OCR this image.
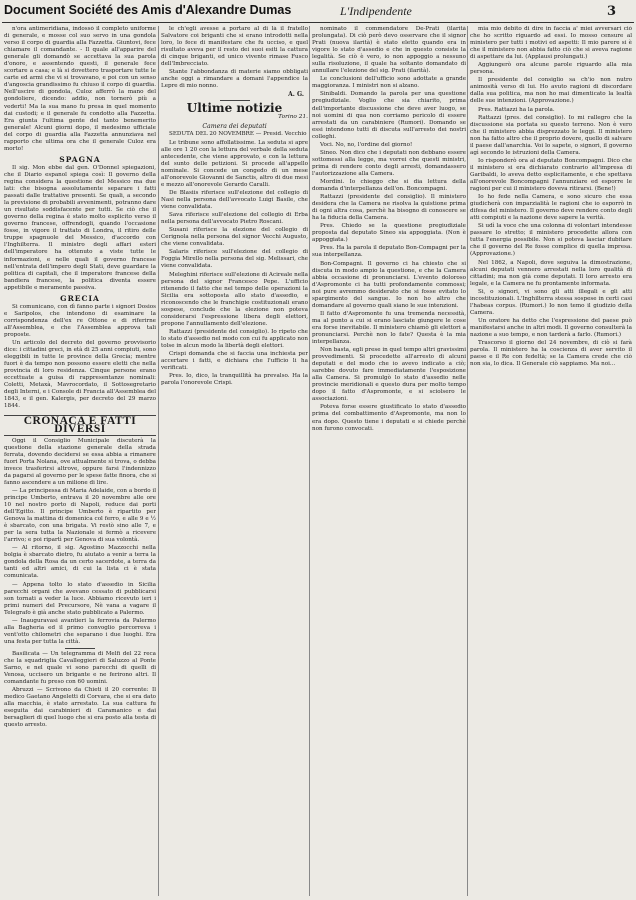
Document Société des Amis d'Alexandre Dumas	L'Indipendente	3

n'ora antimeridiana, indossò il completo uniforme di generale, e mosse col suo servo in una gondola verso il corpo di guardia alla Fazzetta. Giuntovi, fece chiamare il comandante. - Il quale all'apparire del generale gli domandò se accettava la sua parola d'onore, e assentendo questi, il generale fece scortare a casa; e là si dovettero trasportare tutte le carte ed armi che vi si trovavano, e poi con un senso d'angoscia grandissimo fu chiuso il corpo di guardia. Nell'uscire di gondola, Culoz afferrò la mano del gondoliere, dicendo: addio, non tornerò più a vederti! Ma la sua mano fu presa in quel momento dai custodi; e il generale fu condotto alla Fazzetta. Era giunta l'ultima gente del tanto benemerito generale! Alcuni giorni dopo, il medesimo ufficiale del corpo di guardia alla Fazzetta annunziava nel rapporto che ultima ora che il generale Culoz era morto!

SPAGNA

Il sig. Mon ebbe dal gen. O'Donnel spiegazioni, che il Diario espanol spiega così: Il governo della regina considera la questione del Messico ma due lati: che bisogna assolutamente separare i fatti passati dalle trattative presenti. Se quali, a secondo la previsione di probabili avvenimenti, potranno dare un risultato soddisfacente per tutti. Se ciò che il governo della regina è stato molto esplicito verso il governo francese, offrendogli, quando l'occasione fosse, in vigore il trattato di Londra, il ritiro delle truppe spagnuole del Messico, d'accordo con l'Inghilterra. Il ministro degli affari esteri dell'imperatore ha ottenuto a viste tutte le informazioni, e nelle quali il governo francese nell'entrata dell'impero degli Stati, deve guardare la politica di capitali, che il imperatore francese della bandiera francese, la politica diventa essere appetibile e meramente passiva.

GRECIA

Si comunicano, con dì fanno parte i signori Dosios e Saripolos, che intendono di esaminare la corrispondenza dell'ex re Ottone e di riferirne all'Assemblea, e che l'Assemblea approva tali proposte.

Un articolo del decreto del governo provvisorio dice: i cittadini greci, in età di 25 anni compiuti, sono eleggibili in tutte le province della Grecia; mentre fuori è da tempo non possono essere eletti che nella provincia di loro residenza. Cinque persone erano eccettuate a guisa di rappresentanze nominali: Coletti, Metaxà, Mavrocordato, il Sottosegretario degli Interni, e i Console di Francia all'Assemblea del 1843, e il gen. Kalergis, per decreto del 29 marzo 1844.

CRONACA E FATTI DIVERSI

Oggi il Consiglio Municipale discuterà la questione della stazione generale della strada ferrata, dovendo decidersi se essa abbia a rimanere fuori Porta Nolana, ove attualmente si trova, o debba invece trasferirsi altrove, oppure farsi l'indennizzo da pagarsi al governo per le spese fatte finora, che si fanno ascendere a un milione di lire.

— La principessa di Maria Adelaide, con a bordo il principe Umberto, entrava il 20 novembre alle ore 10 nel nostro porto di Napoli, reduce dai porti dell'Egitto. Il principe Umberto è ripartito per Genova la mattina di domenica col ferro, e alle 9 e ½ è sbarcato, con una brigata. Vi restò sino alle 7, e per la sera tutta la Nazionale si fermò a ricevere l'arrivo; e poi ripartì per Genova di sua volontà.

— Al ritorno, il sig. Agostino Mazzocchi nella bolgia è sbarcato dietro, fu aiutato a venir a terra la gondola della Rosa da un certo sacerdote, a terra da tanti ed altri amici, di cui la lista ci è stata comunicata.

— Appena tolto lo stato d'assedio in Sicilia parecchi organi che avevano cessato di pubblicarsi son tornati a veder la luce. Abbiamo ricevuto ieri i primi numeri del Precursore, Nè vana a vagare il Telegrafo è già anche stato pubblicato a Palermo.

— Inauguravasi avantieri la ferrovia da Palermo alla Bagheria ed il primo convoglio percorreva i vent'otto chilometri che separano i due luoghi. Era una festa per tutta la città.

Basilicata — Un telegramma di Melfi del 22 reca che la squadriglia Cavalleggieri di Saluzzo al Ponte Sarno, e nel quale vi sono parecchi di quelli di Venosa, uccisero un brigante e ne ferirono altri. Il comandante fu preso con 60 uomini.

Abruzzi — Scrivono da Chieti il 20 corrente: Il medico Gaetano Angeletti di Corvara, che si era dato alla macchia, è stato arrestato. La sua cattura fu eseguita dai carabinieri di Caramanico e dai bersaglieri di quel luogo che si era posto alla testa di questo arresto.

le ch'egli avesse a portare al di là il fratello Salvatore coi briganti che si erano introdotti nella loro, lo fece di manifestare che fu ucciso, e quel risultato aveva per il resto dei suoi esiti la cattura di cinque briganti, ed unico vivente rimase Fusco dell'Imbrecciato.

Stante l'abbondanza di materie siamo obbligati anche oggi a rimandare a domani l'appendice la Lepre di mio nonno.

A. G.
Ultime notizie
Torino 21.
Camera dei deputati
SEDUTA DEL 20 NOVEMBRE — Presid. Vecchio

Le tribune sono affollatissime. La seduta si apre alle ore 1 20 con la lettura del verbale della seduta antecedente, che viene approvato, e con la lettura del sunto delle petizioni. Si procede all'appello nominale. Si concede un congedo di un mese all'onorevole Giovanni de Sanctis, altro di due mesi e mezzo all'onorevole Gerardo Caralli.

De Blasiis riferisce sull'elezione del collegio di Nasi nella persona dell'avvocato Luigi Basile, che viene convalidata.

Sava riferisce sull'elezione del collegio di Erba nella persona dell'avvocato Pietro Roscani.

Susani riferisce la elezione del collegio di Cerignola nella persona del signor Vecchi Augusto, che viene convalidata.

Salaris riferisce sull'elezione del collegio di Foggia Mirello nella persona del sig. Melissari, che viene convalidata.

Meleghini riferisce sull'elezione di Acireale nella persona del signor Francesco Pepe. L'ufficio ritenendo il fatto che nel tempo delle operazioni la Sicilia era sottoposta allo stato d'assedio, e riconoscendo che le franchigie costituzionali erano sospese, conclude che la elezione non poteva considerarsi l'espressione libera degli elettori, propone l'annullamento dell'elezione.

Rattazzi (presidente del consiglio). Io ripeto che lo stato d'assedio nel modo con cui fu applicato non tolse in alcun modo la libertà degli elettori.

Crispi domanda che si faccia una inchiesta per accertare i fatti, e dichiara che l'ufficio li ha verificati.

Pres. Io, dico, la tranquillità ha prevalso. Ha la parola l'onorevole Crispi.

nominato il commendatore De-Prati (ilarità prolungata). Di ciò però devo osservare che il signor Prati (nuova ilarità) è stato eletto quando era in vigore lo stato d'assedio e che in questo consiste la legalità. Se ciò è vero, io non appoggio a nessuno sulla risoluzione, il quale ha soltanto domandato di annullare l'elezione del sig. Prati (ilarità).

Le conclusioni dell'ufficio sono adottate a grande maggioranza. I ministri non si alzano.

Sinibaldi. Domando la parola per una questione pregiudiziale. Voglio che sia chiarito, prima dell'importante discussione che deve aver luogo, se noi uomini di qua non corriamo pericolo di essere arrestati da un carabiniere (Rumori). Domando se essi intendono tutti di discuta sull'arresto dei nostri colleghi.

Voci. No, no, l'ordine del giorno!

Sineo. Non dico che i deputati non debbano essere sottomessi alla legge, ma vorrei che questi ministri, prima di rendere conto degli arresti, domandassero l'autorizzazione alla Camera.

Mordini. Io chieggo che si dia lettura della domanda d'interpellanza dell'on. Boncompagni.

Rattazzi (presidente del consiglio). Il ministero desidera che la Camera ne risolva la quistione prima di ogni altra cosa, perchè ha bisogno di conoscere se ha la fiducia della Camera.

Pres. Chiedo se la questione pregiudiziale proposta dal deputato Sineo sia appoggiata. (Non è appoggiata.)

Pres. Ha la parola il deputato Bon-Compagni per la sua interpellanza.

Bon-Compagni. Il governo ci ha chiesto che si discuta in modo ampio la questione, e che la Camera abbia occasione di pronunciarsi. L'evento doloroso d'Aspromonte ci ha tutti profondamente commossi; noi pure avremmo desiderato che si fosse evitato lo spargimento del sangue. Io non ho altro che domandare al governo quali siano le sue intenzioni.

Il fatto d'Aspromonte fu una tremenda necessità, ma al punto a cui si erano lasciate giungere le cose era forse inevitabile. Il ministero chiamò gli elettori a pronunciarsi. Perchè non lo fate? Questa è la mia interpellanza.

Non basta, egli prese in quel tempo altri gravissimi provvedimenti. Si procedette all'arresto di alcuni deputati e del modo che io avevo indicato a ciò; sarebbe dovuto fare immediatamente l'esposizione alla Camera. Si promulgò lo stato d'assedio nelle provincie meridionali e questo dura per molto tempo dopo il fatto d'Aspromonte, e si sciolsero le associazioni.

Poteva forse essere giustificato lo stato d'assedio prima del combattimento d'Aspromonte, ma non lo era dopo. Questo tiene i deputati e si chiede perchè non furono convocati.

mia mio debito di dire in faccia a' miei avversari ciò che ho scritto riguardo ad essi. Io mosso censure al ministero per tutti i motivi ed aspetti: Il mio parere si è che il ministero non abbia fatto ciò che si aveva ragione di aspettare da lui. (Applausi prolungati.)

Aggiungerò ora alcune parole riguardo alla mia persona.

Il presidente del consiglio sa ch'io non nutro animosità verso di lui. Ho avuto ragioni di discordare dalla sua politica, ma non ho mai dimenticato la lealtà delle sue intenzioni. (Approvazione.)

Pres. Rattazzi ha la parola.

Rattazzi (pres. del consiglio). Io mi rallegro che la discussione sia portata su questo terreno. Non è vero che il ministero abbia disprezzato le leggi. Il ministero non ha fatto altro che il proprio dovere, quello di salvare il paese dall'anarchia. Voi lo sapete, o signori, il governo agì secondo le istruzioni della Camera.

Io risponderò ora al deputato Boncompagni. Dico che il ministero si era dichiarato contrario all'impresa di Garibaldi, lo aveva detto esplicitamente, e che spettava all'onorevole Boncompagni l'annunziare ed esporre le ragioni per cui il ministero doveva ritirarsi. (Bene!)

Io ho fede nella Camera, e sono sicuro che essa giudicherà con imparzialità le ragioni che io esporrò in difesa del ministero. Il governo deve rendere conto degli atti compiuti e la nazione deve sapere la verità.

Si udì la voce che una colonna di volontari intendesse passare lo stretto; il ministero procedette allora con tutta l'energia possibile. Non si poteva lasciar dubitare che il governo del Re fosse complice di quella impresa. (Approvazione.)

Nel 1862, a Napoli, dove seguiva la dimostrazione, alcuni deputati vennero arrestati nella loro qualità di cittadini; ma non già come deputati. Il loro arresto era legale, e la Camera ne fu prontamente informata.

Si, o signori, vi sono gli atti illegali e gli atti incostituzionali. L'Inghilterra stessa sospese in certi casi l'habeas corpus. (Rumori.) Io non temo il giudizio della Camera.

Un oratore ha detto che l'espressione del paese può manifestarsi anche in altri modi. Il governo consulterà la nazione a suo tempo, e non tarderà a farlo. (Rumori.)

Trascorso il giorno del 24 novembre, di ciò si farà parola. Il ministero ha la coscienza di aver servito il paese e il Re con fedeltà; se la Camera crede che ciò non sia, lo dica. Il Generale ciò sappiamo. Ma noi...
